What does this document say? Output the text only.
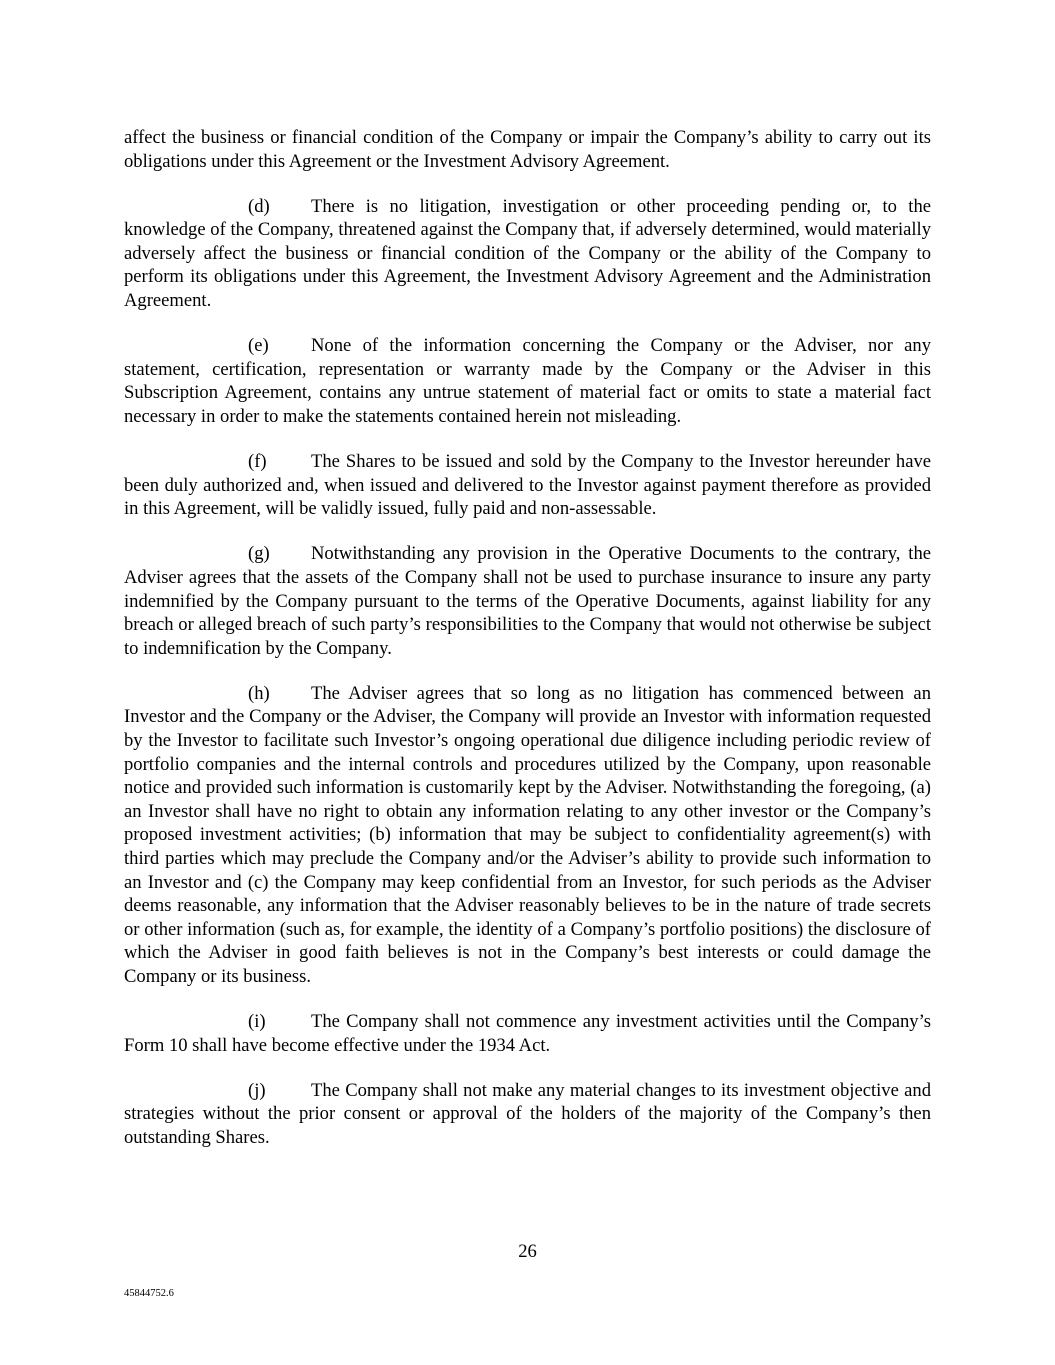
affect the business or financial condition of the Company or impair the Company’s ability to carry out its obligations under this Agreement or the Investment Advisory Agreement.

(d) There is no litigation, investigation or other proceeding pending or, to the knowledge of the Company, threatened against the Company that, if adversely determined, would materially adversely affect the business or financial condition of the Company or the ability of the Company to perform its obligations under this Agreement, the Investment Advisory Agreement and the Administration Agreement.

(e) None of the information concerning the Company or the Adviser, nor any statement, certification, representation or warranty made by the Company or the Adviser in this Subscription Agreement, contains any untrue statement of material fact or omits to state a material fact necessary in order to make the statements contained herein not misleading.

(f) The Shares to be issued and sold by the Company to the Investor hereunder have been duly authorized and, when issued and delivered to the Investor against payment therefore as provided in this Agreement, will be validly issued, fully paid and non-assessable.

(g) Notwithstanding any provision in the Operative Documents to the contrary, the Adviser agrees that the assets of the Company shall not be used to purchase insurance to insure any party indemnified by the Company pursuant to the terms of the Operative Documents, against liability for any breach or alleged breach of such party’s responsibilities to the Company that would not otherwise be subject to indemnification by the Company.

(h) The Adviser agrees that so long as no litigation has commenced between an Investor and the Company or the Adviser, the Company will provide an Investor with information requested by the Investor to facilitate such Investor’s ongoing operational due diligence including periodic review of portfolio companies and the internal controls and procedures utilized by the Company, upon reasonable notice and provided such information is customarily kept by the Adviser. Notwithstanding the foregoing, (a) an Investor shall have no right to obtain any information relating to any other investor or the Company’s proposed investment activities; (b) information that may be subject to confidentiality agreement(s) with third parties which may preclude the Company and/or the Adviser’s ability to provide such information to an Investor and (c) the Company may keep confidential from an Investor, for such periods as the Adviser deems reasonable, any information that the Adviser reasonably believes to be in the nature of trade secrets or other information (such as, for example, the identity of a Company’s portfolio positions) the disclosure of which the Adviser in good faith believes is not in the Company’s best interests or could damage the Company or its business.

(i) The Company shall not commence any investment activities until the Company’s Form 10 shall have become effective under the 1934 Act.

(j) The Company shall not make any material changes to its investment objective and strategies without the prior consent or approval of the holders of the majority of the Company’s then outstanding Shares.

26
45844752.6
